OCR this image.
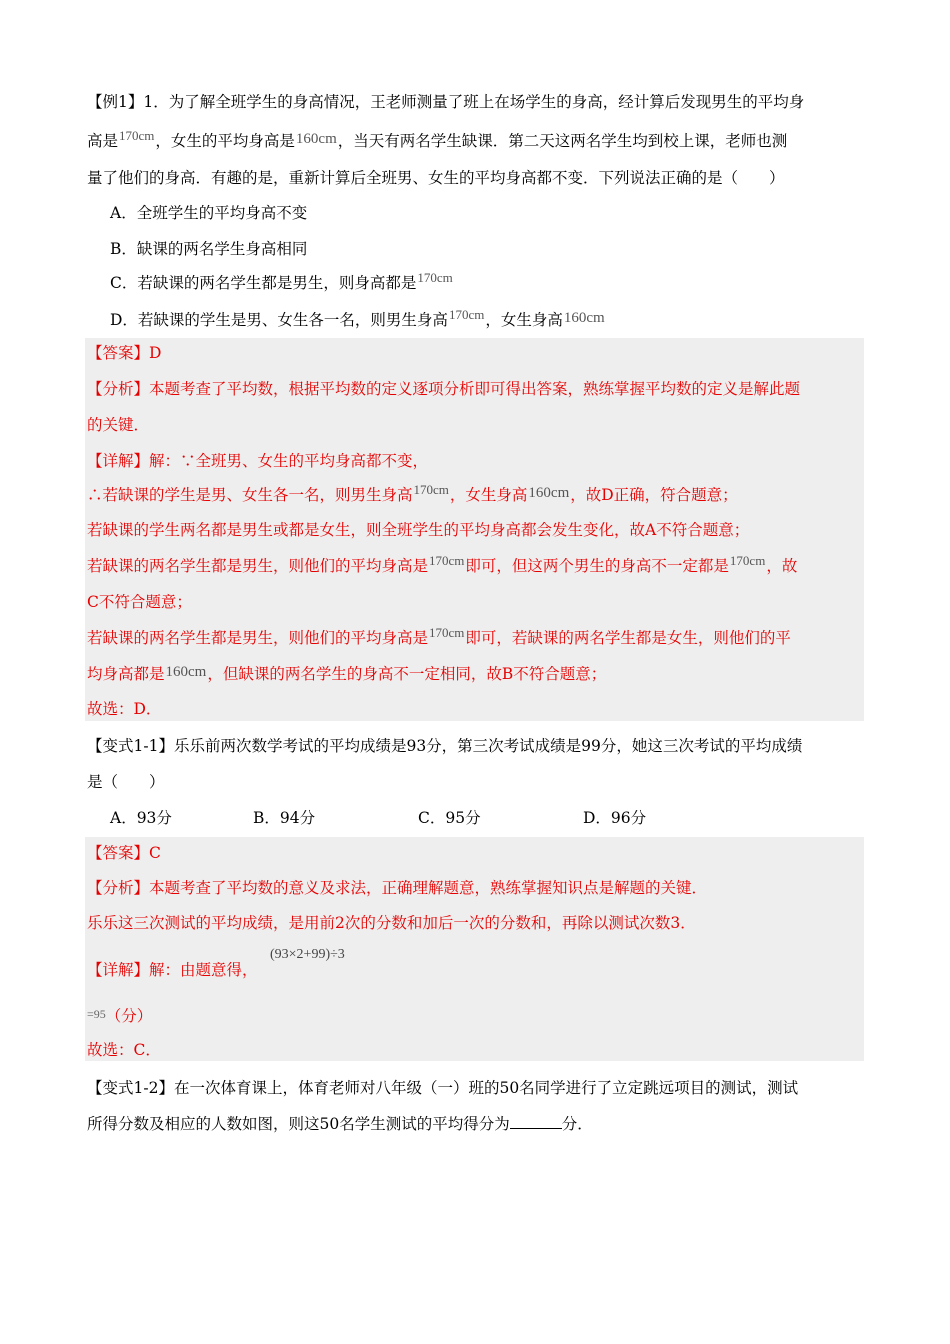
【例1】1．为了解全班学生的身高情况，王老师测量了班上在场学生的身高，经计算后发现男生的平均身
高是$^{170cm}$，女生的平均身高是160cm，当天有两名学生缺课．第二天这两名学生均到校上课，老师也测
量了他们的身高．有趣的是，重新计算后全班男、女生的平均身高都不变．下列说法正确的是（　　）
A．全班学生的平均身高不变
B．缺课的两名学生身高相同
C．若缺课的两名学生都是男生，则身高都是$^{170cm}$
D．若缺课的学生是男、女生各一名，则男生身高$^{170cm}$，女生身高160cm
【答案】D
【分析】本题考查了平均数，根据平均数的定义逐项分析即可得出答案，熟练掌握平均数的定义是解此题
的关键．
【详解】解：∵全班男、女生的平均身高都不变，
∴若缺课的学生是男、女生各一名，则男生身高$^{170cm}$，女生身高160cm，故D正确，符合题意；
若缺课的学生两名都是男生或都是女生，则全班学生的平均身高都会发生变化，故A不符合题意；
若缺课的两名学生都是男生，则他们的平均身高是$^{170cm}$即可，但这两个男生的身高不一定都是$^{170cm}$，故
C不符合题意；
若缺课的两名学生都是男生，则他们的平均身高是$^{170cm}$即可，若缺课的两名学生都是女生，则他们的平
均身高都是160cm，但缺课的两名学生的身高不一定相同，故B不符合题意；
故选：D．
【变式1-1】乐乐前两次数学考试的平均成绩是93分，第三次考试成绩是99分，她这三次考试的平均成绩
是（　　）
A．93分	B．94分	C．95分	D．96分
【答案】C
【分析】本题考查了平均数的意义及求法，正确理解题意，熟练掌握知识点是解题的关键．
乐乐这三次测试的平均成绩，是用前2次的分数和加后一次的分数和，再除以测试次数3．
【详解】解：由题意得，
(93×2+99)÷3
=95（分）
故选：C．
【变式1-2】在一次体育课上，体育老师对八年级（一）班的50名同学进行了立定跳远项目的测试，测试
所得分数及相应的人数如图，则这50名学生测试的平均得分为	分．
